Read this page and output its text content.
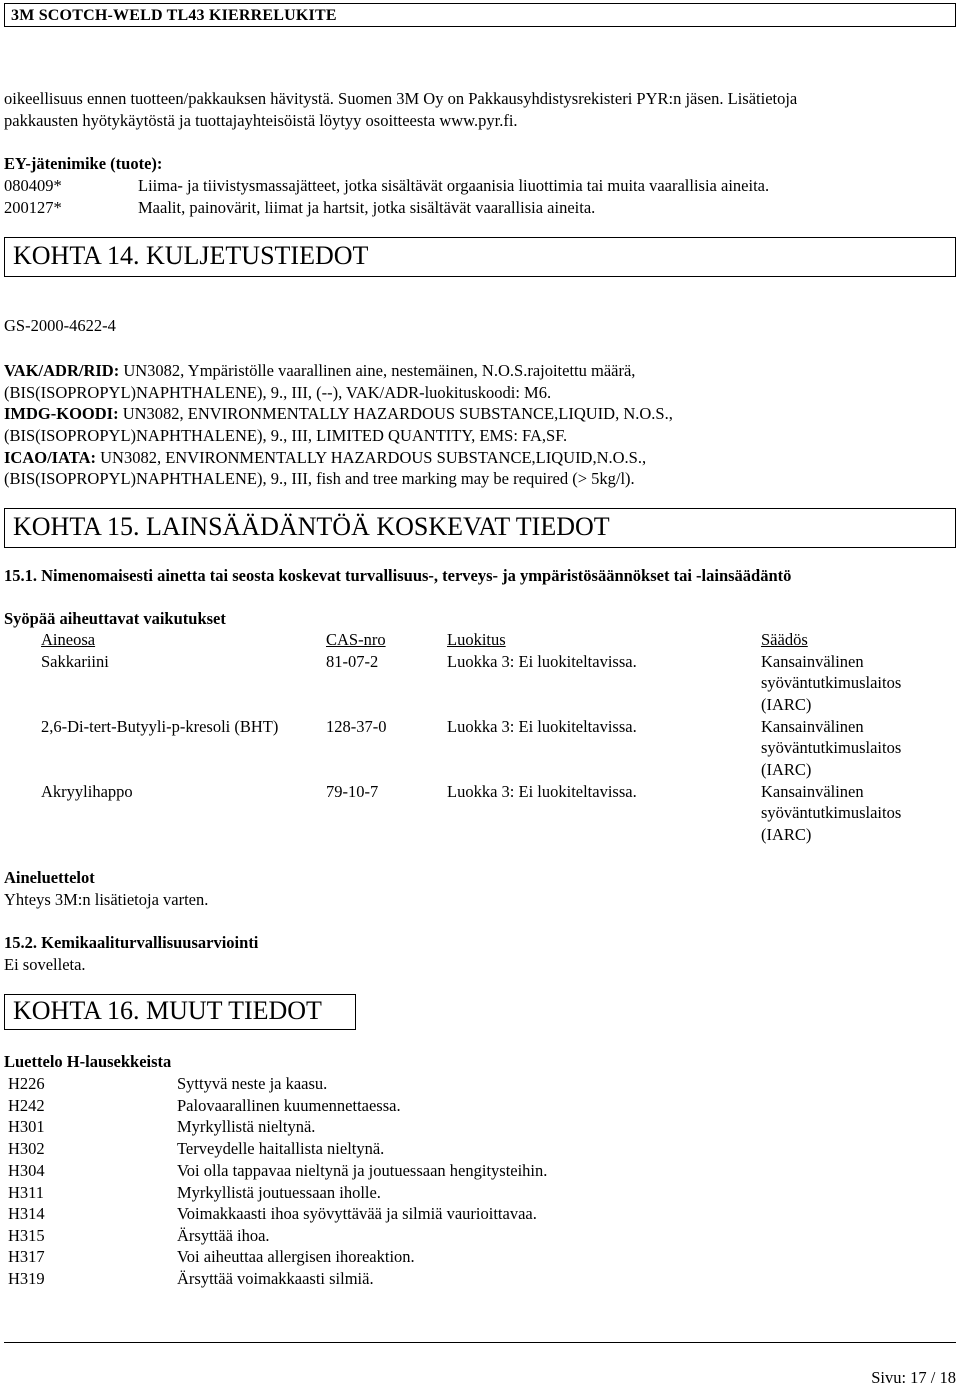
3M SCOTCH-WELD TL43 KIERRELUKITE
oikeellisuus ennen tuotteen/pakkauksen hävitystä. Suomen 3M Oy on Pakkausyhdistysrekisteri PYR:n jäsen. Lisätietoja
pakkausten hyötykäytöstä ja tuottajayhteisöistä löytyy osoitteesta www.pyr.fi.
EY-jätenimike (tuote):
080409*	Liima- ja tiivistysmassajätteet, jotka sisältävät orgaanisia liuottimia tai muita vaarallisia aineita.
200127*	Maalit, painovärit, liimat ja hartsit, jotka sisältävät vaarallisia aineita.
KOHTA 14. KULJETUSTIEDOT
GS-2000-4622-4
VAK/ADR/RID: UN3082, Ympäristölle vaarallinen aine, nestemäinen, N.O.S.rajoitettu määrä,
(BIS(ISOPROPYL)NAPHTHALENE), 9., III, (--), VAK/ADR-luokituskoodi: M6.
IMDG-KOODI: UN3082, ENVIRONMENTALLY HAZARDOUS SUBSTANCE,LIQUID, N.O.S.,
(BIS(ISOPROPYL)NAPHTHALENE), 9., III, LIMITED QUANTITY, EMS: FA,SF.
ICAO/IATA: UN3082, ENVIRONMENTALLY HAZARDOUS SUBSTANCE,LIQUID,N.O.S.,
(BIS(ISOPROPYL)NAPHTHALENE), 9., III, fish and tree marking may be required (> 5kg/l).
KOHTA 15. LAINSÄÄDÄNTÖÄ KOSKEVAT TIEDOT
15.1. Nimenomaisesti ainetta tai seosta koskevat turvallisuus-, terveys- ja ympäristösäännökset tai -lainsäädäntö
Syöpää aiheuttavat vaikutukset
Aineosa	CAS-nro	Luokitus	Säädös
Sakkariini	81-07-2	Luokka 3: Ei luokiteltavissa.	Kansainvälinen
syöväntutkimuslaitos
(IARC)
2,6-Di-tert-Butyyli-p-kresoli (BHT)	128-37-0	Luokka 3: Ei luokiteltavissa.	Kansainvälinen
syöväntutkimuslaitos
(IARC)
Akryylihappo	79-10-7	Luokka 3: Ei luokiteltavissa.	Kansainvälinen
syöväntutkimuslaitos
(IARC)
Aineluettelot
Yhteys 3M:n lisätietoja varten.
15.2. Kemikaaliturvallisuusarviointi
Ei sovelleta.
KOHTA 16. MUUT TIEDOT
Luettelo H-lausekkeista
H226	Syttyvä neste ja kaasu.
H242	Palovaarallinen kuumennettaessa.
H301	Myrkyllistä nieltynä.
H302	Terveydelle haitallista nieltynä.
H304	Voi olla tappavaa nieltynä ja joutuessaan hengitysteihin.
H311	Myrkyllistä joutuessaan iholle.
H314	Voimakkaasti ihoa syövyttävää ja silmiä vaurioittavaa.
H315	Ärsyttää ihoa.
H317	Voi aiheuttaa allergisen ihoreaktion.
H319	Ärsyttää voimakkaasti silmiä.
Sivu: 17 / 18
